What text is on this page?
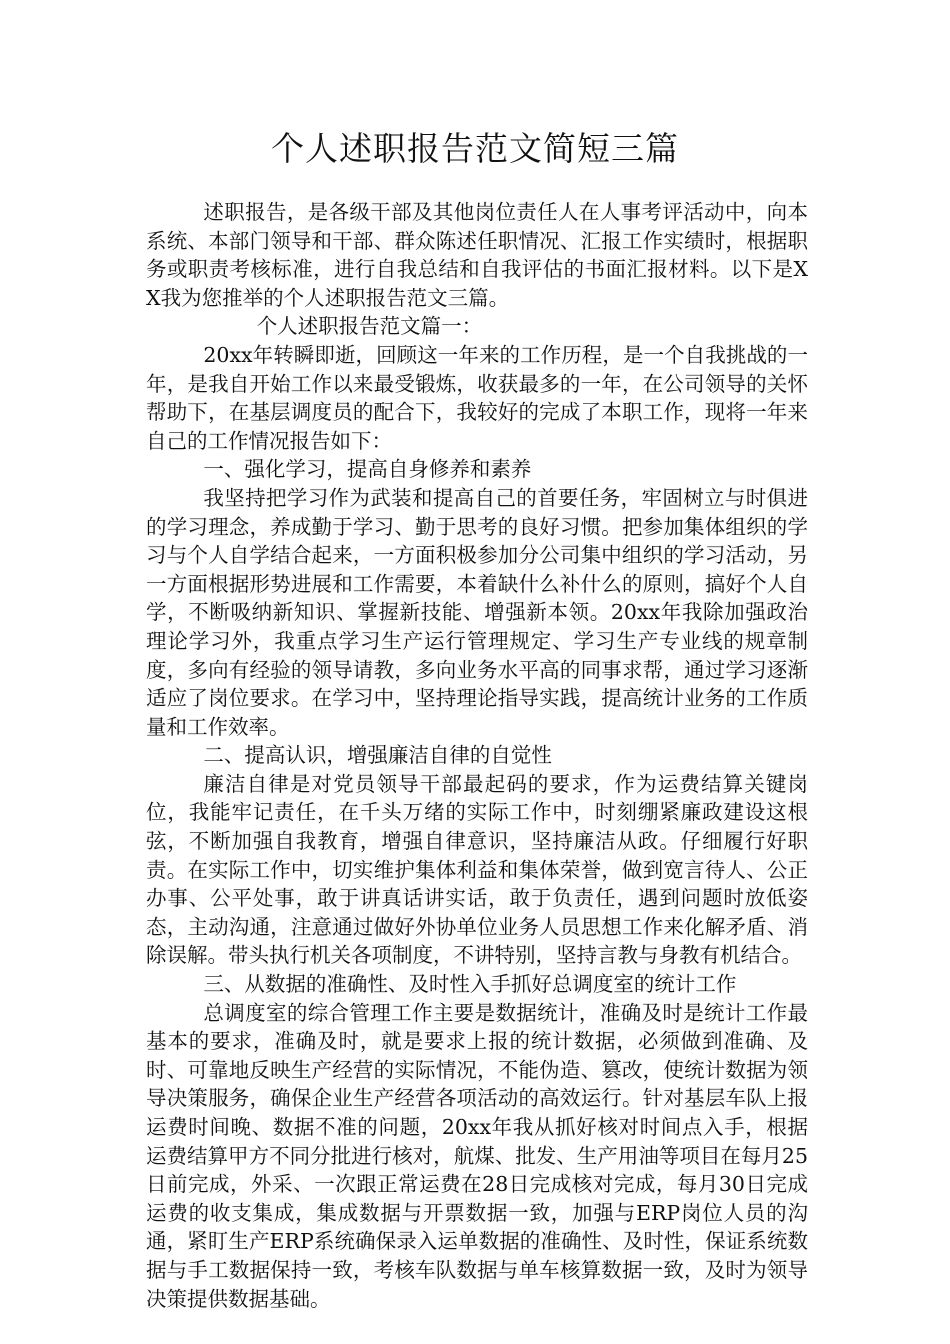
个人述职报告范文简短三篇

述职报告，是各级干部及其他岗位责任人在人事考评活动中，向本系统、本部门领导和干部、群众陈述任职情况、汇报工作实绩时，根据职务或职责考核标准，进行自我总结和自我评估的书面汇报材料。以下是XX我为您推举的个人述职报告范文三篇。

个人述职报告范文篇一：

20xx年转瞬即逝，回顾这一年来的工作历程，是一个自我挑战的一年，是我自开始工作以来最受锻炼，收获最多的一年，在公司领导的关怀帮助下，在基层调度员的配合下，我较好的完成了本职工作，现将一年来自己的工作情况报告如下：

一、强化学习，提高自身修养和素养

我坚持把学习作为武装和提高自己的首要任务，牢固树立与时俱进的学习理念，养成勤于学习、勤于思考的良好习惯。把参加集体组织的学习与个人自学结合起来，一方面积极参加分公司集中组织的学习活动，另一方面根据形势进展和工作需要，本着缺什么补什么的原则，搞好个人自学，不断吸纳新知识、掌握新技能、增强新本领。20xx年我除加强政治理论学习外，我重点学习生产运行管理规定、学习生产专业线的规章制度，多向有经验的领导请教，多向业务水平高的同事求帮，通过学习逐渐适应了岗位要求。在学习中，坚持理论指导实践，提高统计业务的工作质量和工作效率。

二、提高认识，增强廉洁自律的自觉性

廉洁自律是对党员领导干部最起码的要求，作为运费结算关键岗位，我能牢记责任，在千头万绪的实际工作中，时刻绷紧廉政建设这根弦，不断加强自我教育，增强自律意识，坚持廉洁从政。仔细履行好职责。在实际工作中，切实维护集体利益和集体荣誉，做到宽言待人、公正办事、公平处事，敢于讲真话讲实话，敢于负责任，遇到问题时放低姿态，主动沟通，注意通过做好外协单位业务人员思想工作来化解矛盾、消除误解。带头执行机关各项制度，不讲特别，坚持言教与身教有机结合。

三、从数据的准确性、及时性入手抓好总调度室的统计工作

总调度室的综合管理工作主要是数据统计，准确及时是统计工作最基本的要求，准确及时，就是要求上报的统计数据，必须做到准确、及时、可靠地反映生产经营的实际情况，不能伪造、篡改，使统计数据为领导决策服务，确保企业生产经营各项活动的高效运行。针对基层车队上报运费时间晚、数据不准的问题，20xx年我从抓好核对时间点入手，根据运费结算甲方不同分批进行核对，航煤、批发、生产用油等项目在每月25日前完成，外采、一次跟正常运费在28日完成核对完成，每月30日完成运费的收支集成，集成数据与开票数据一致，加强与ERP岗位人员的沟通，紧盯生产ERP系统确保录入运单数据的准确性、及时性，保证系统数据与手工数据保持一致，考核车队数据与单车核算数据一致，及时为领导决策提供数据基础。
